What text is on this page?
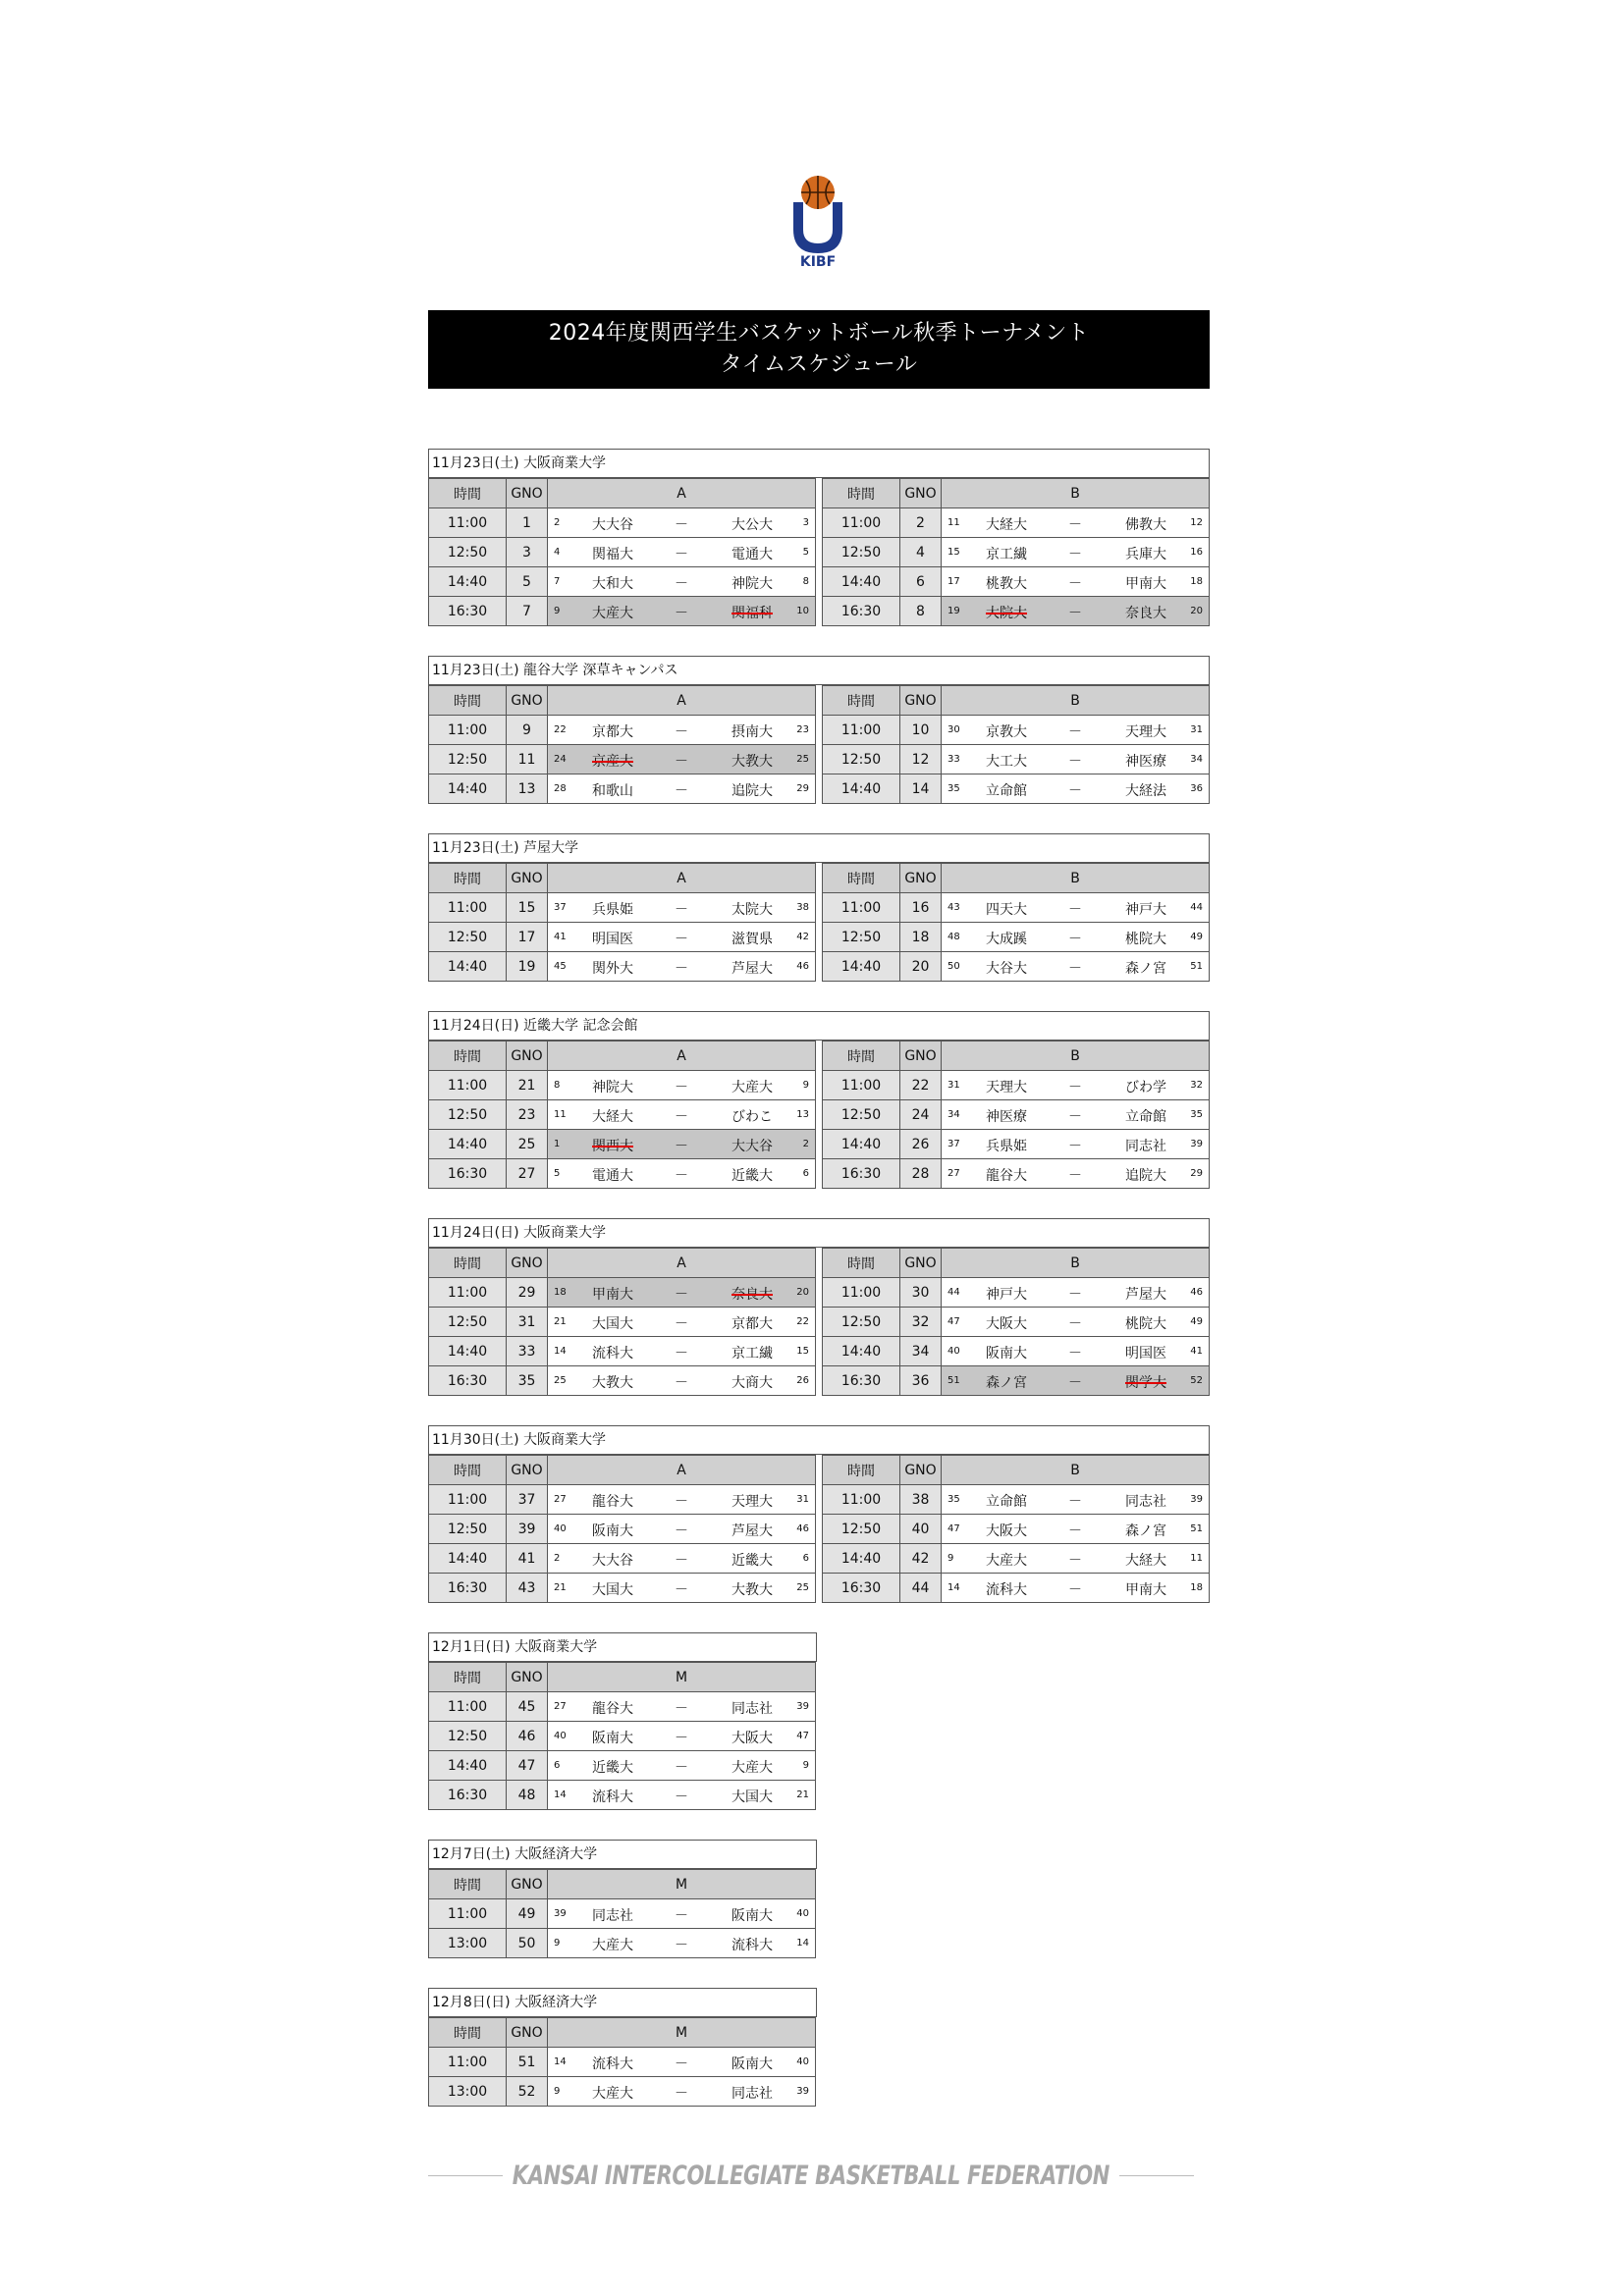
KIBF
2024年度関西学生バスケットボール秋季トーナメント
タイムスケジュール
11月23日(土) 大阪商業大学
時間	GNO	A
11:00	1	2	大大谷	－	大公大	3
12:50	3	4	関福大	－	電通大	5
14:40	5	7	大和大	－	神院大	8
16:30	7	9	大産大	－	関福科	10
時間	GNO	B
11:00	2	11	大経大	－	佛教大	12
12:50	4	15	京工繊	－	兵庫大	16
14:40	6	17	桃教大	－	甲南大	18
16:30	8	19	大院大	－	奈良大	20
11月23日(土) 龍谷大学 深草キャンパス
時間	GNO	A
11:00	9	22	京都大	－	摂南大	23
12:50	11	24	京産大	－	大教大	25
14:40	13	28	和歌山	－	追院大	29
時間	GNO	B
11:00	10	30	京教大	－	天理大	31
12:50	12	33	大工大	－	神医療	34
14:40	14	35	立命館	－	大経法	36
11月23日(土) 芦屋大学
時間	GNO	A
11:00	15	37	兵県姫	－	太院大	38
12:50	17	41	明国医	－	滋賀県	42
14:40	19	45	関外大	－	芦屋大	46
時間	GNO	B
11:00	16	43	四天大	－	神戸大	44
12:50	18	48	大成蹊	－	桃院大	49
14:40	20	50	大谷大	－	森ノ宮	51
11月24日(日) 近畿大学 記念会館
時間	GNO	A
11:00	21	8	神院大	－	大産大	9
12:50	23	11	大経大	－	びわこ	13
14:40	25	1	関西大	－	大大谷	2
16:30	27	5	電通大	－	近畿大	6
時間	GNO	B
11:00	22	31	天理大	－	びわ学	32
12:50	24	34	神医療	－	立命館	35
14:40	26	37	兵県姫	－	同志社	39
16:30	28	27	龍谷大	－	追院大	29
11月24日(日) 大阪商業大学
時間	GNO	A
11:00	29	18	甲南大	－	奈良大	20
12:50	31	21	大国大	－	京都大	22
14:40	33	14	流科大	－	京工繊	15
16:30	35	25	大教大	－	大商大	26
時間	GNO	B
11:00	30	44	神戸大	－	芦屋大	46
12:50	32	47	大阪大	－	桃院大	49
14:40	34	40	阪南大	－	明国医	41
16:30	36	51	森ノ宮	－	関学大	52
11月30日(土) 大阪商業大学
時間	GNO	A
11:00	37	27	龍谷大	－	天理大	31
12:50	39	40	阪南大	－	芦屋大	46
14:40	41	2	大大谷	－	近畿大	6
16:30	43	21	大国大	－	大教大	25
時間	GNO	B
11:00	38	35	立命館	－	同志社	39
12:50	40	47	大阪大	－	森ノ宮	51
14:40	42	9	大産大	－	大経大	11
16:30	44	14	流科大	－	甲南大	18
12月1日(日) 大阪商業大学
時間	GNO	M
11:00	45	27	龍谷大	－	同志社	39
12:50	46	40	阪南大	－	大阪大	47
14:40	47	6	近畿大	－	大産大	9
16:30	48	14	流科大	－	大国大	21
12月7日(土) 大阪経済大学
時間	GNO	M
11:00	49	39	同志社	－	阪南大	40
13:00	50	9	大産大	－	流科大	14
12月8日(日) 大阪経済大学
時間	GNO	M
11:00	51	14	流科大	－	阪南大	40
13:00	52	9	大産大	－	同志社	39
KANSAI INTERCOLLEGIATE BASKETBALL FEDERATION
